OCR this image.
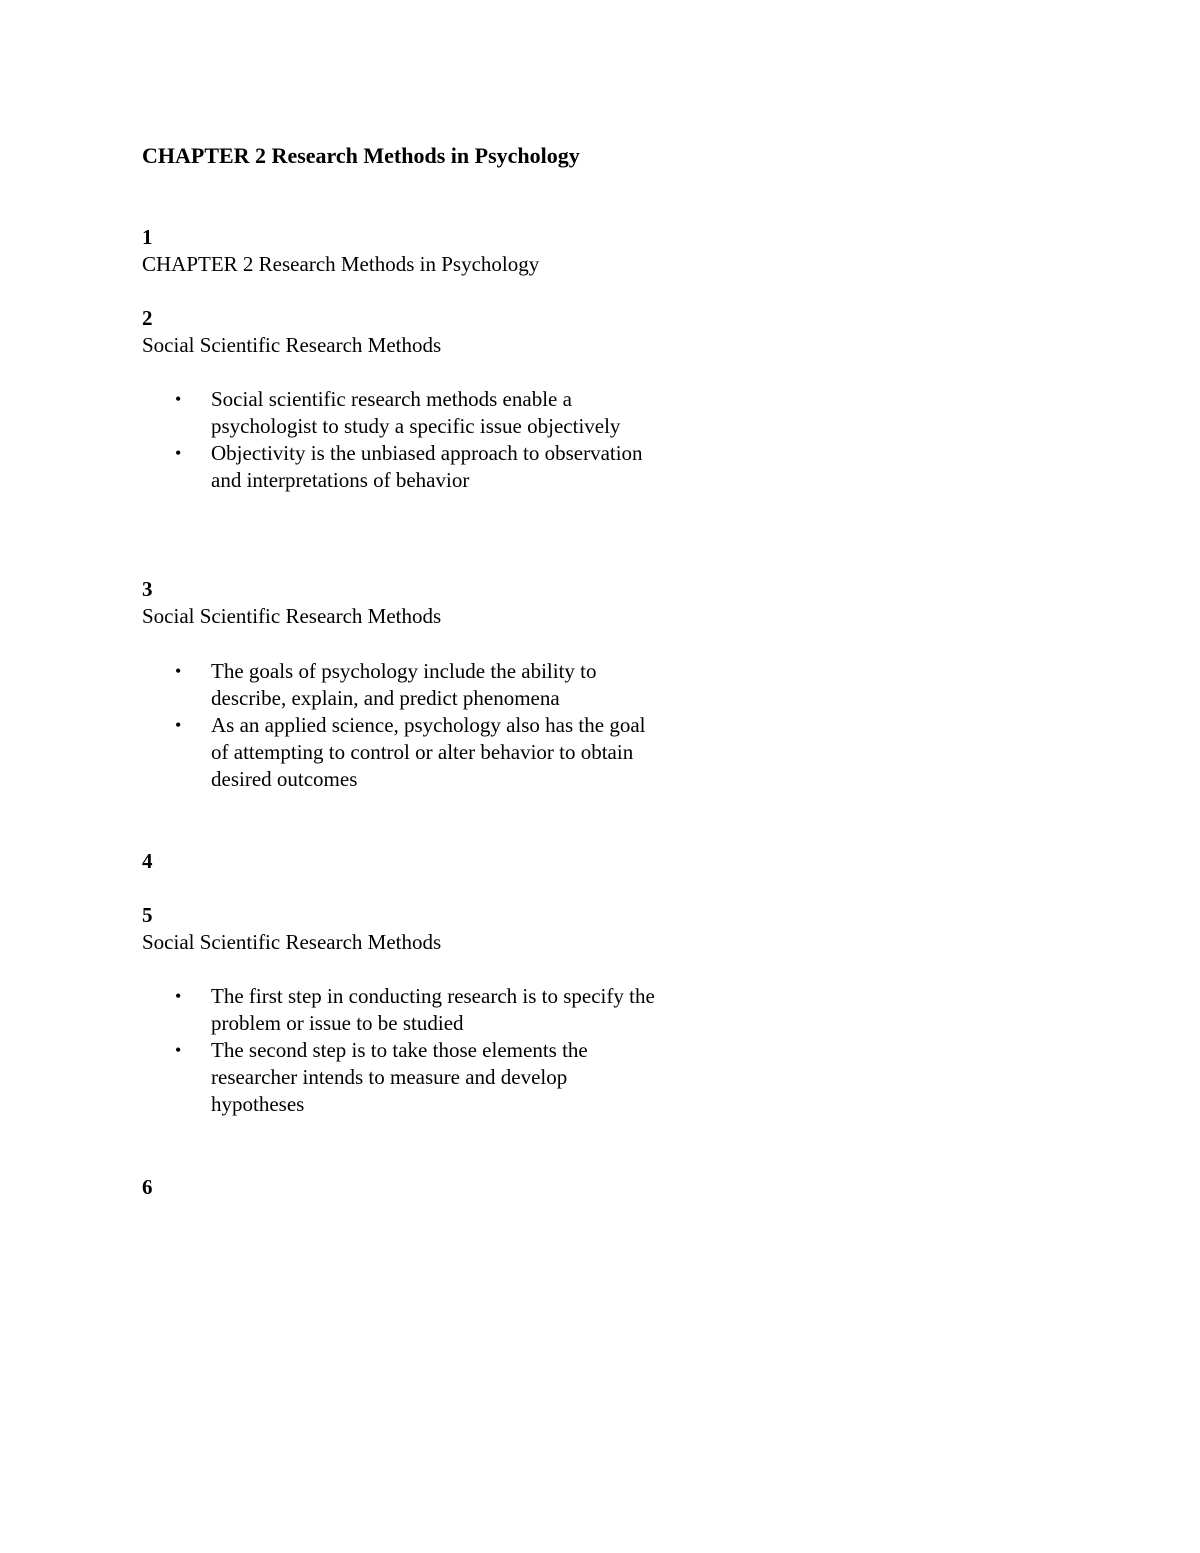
CHAPTER 2 Research Methods in Psychology
1
CHAPTER 2 Research Methods in Psychology
2
Social Scientific Research Methods
• Social scientific research methods enable a psychologist to study a specific issue objectively
• Objectivity is the unbiased approach to observation and interpretations of behavior
3
Social Scientific Research Methods
• The goals of psychology include the ability to describe, explain, and predict phenomena
• As an applied science, psychology also has the goal of attempting to control or alter behavior to obtain desired outcomes
4
5
Social Scientific Research Methods
• The first step in conducting research is to specify the problem or issue to be studied
• The second step is to take those elements the researcher intends to measure and develop hypotheses
6
